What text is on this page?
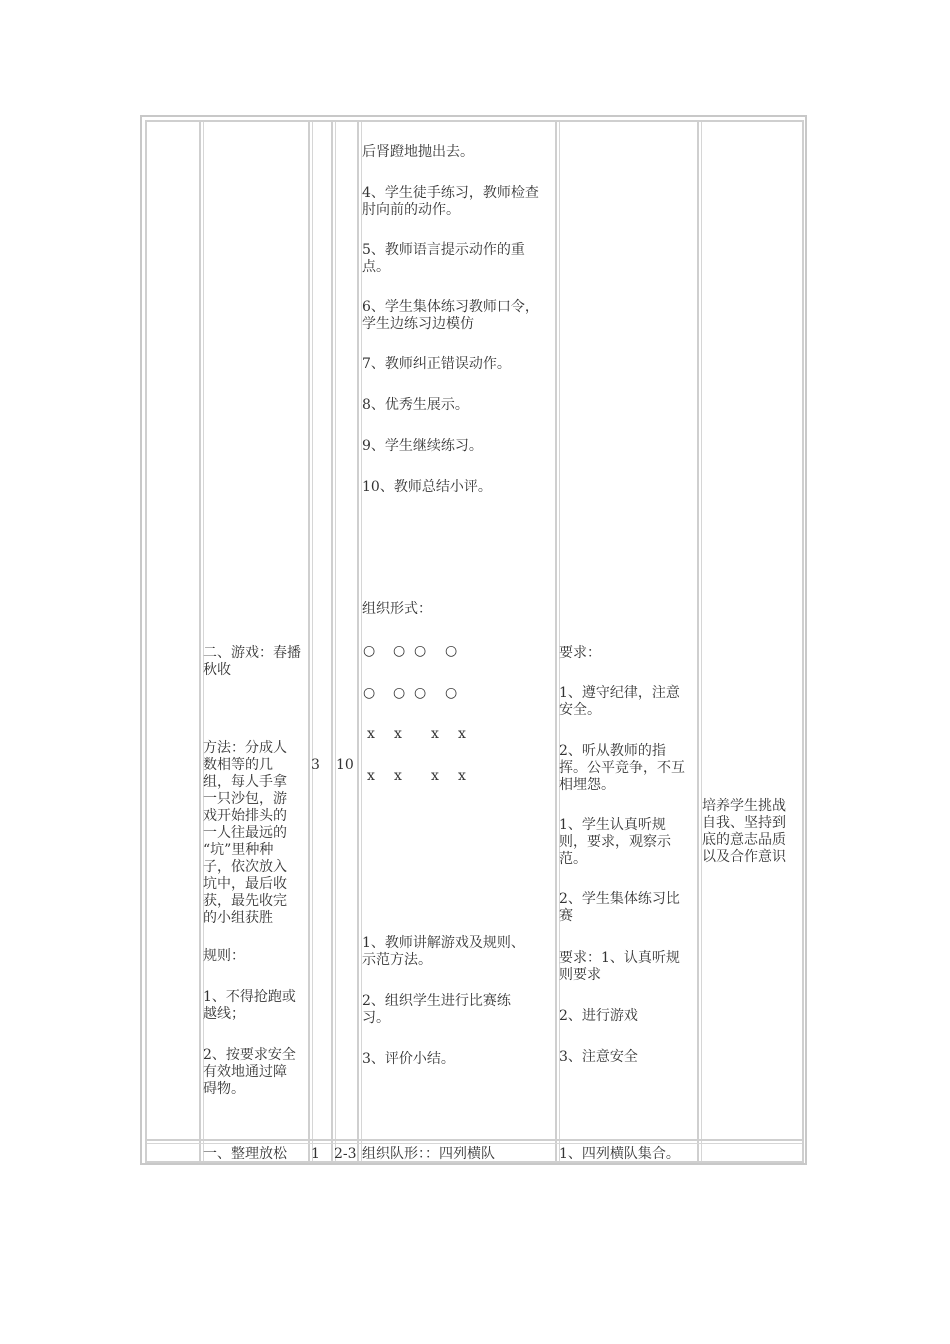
后肾蹬地抛出去。

4、学生徒手练习，教师检查
肘向前的动作。

5、教师语言提示动作的重
点。

6、学生集体练习教师口令，
学生边练习边模仿

7、教师纠正错误动作。

8、优秀生展示。

9、学生继续练习。

10、教师总结小评。

组织形式：

○ ○ ○ ○
○ ○ ○ ○
x x x x
x x x x

1、教师讲解游戏及规则、
示范方法。

2、组织学生进行比赛练
习。

3、评价小结。

二、游戏：春播
秋收

方法：分成人
数相等的几
组，每人手拿
一只沙包，游
戏开始排头的
一人往最远的
“坑”里种种
子，依次放入
坑中，最后收
获，最先收完
的小组获胜

规则：

1、不得抢跑或
越线；

2、按要求安全
有效地通过障
碍物。

3 10

要求：

1、遵守纪律，注意
安全。

2、听从教师的指
挥。公平竞争，不互
相埋怨。

1、学生认真听规
则，要求，观察示
范。

2、学生集体练习比
赛

要求：1、认真听规
则要求

2、进行游戏

3、注意安全

培养学生挑战
自我、坚持到
底的意志品质
以及合作意识

一、整理放松 1 2-3 组织队形：：四列横队	1、四列横队集合。
